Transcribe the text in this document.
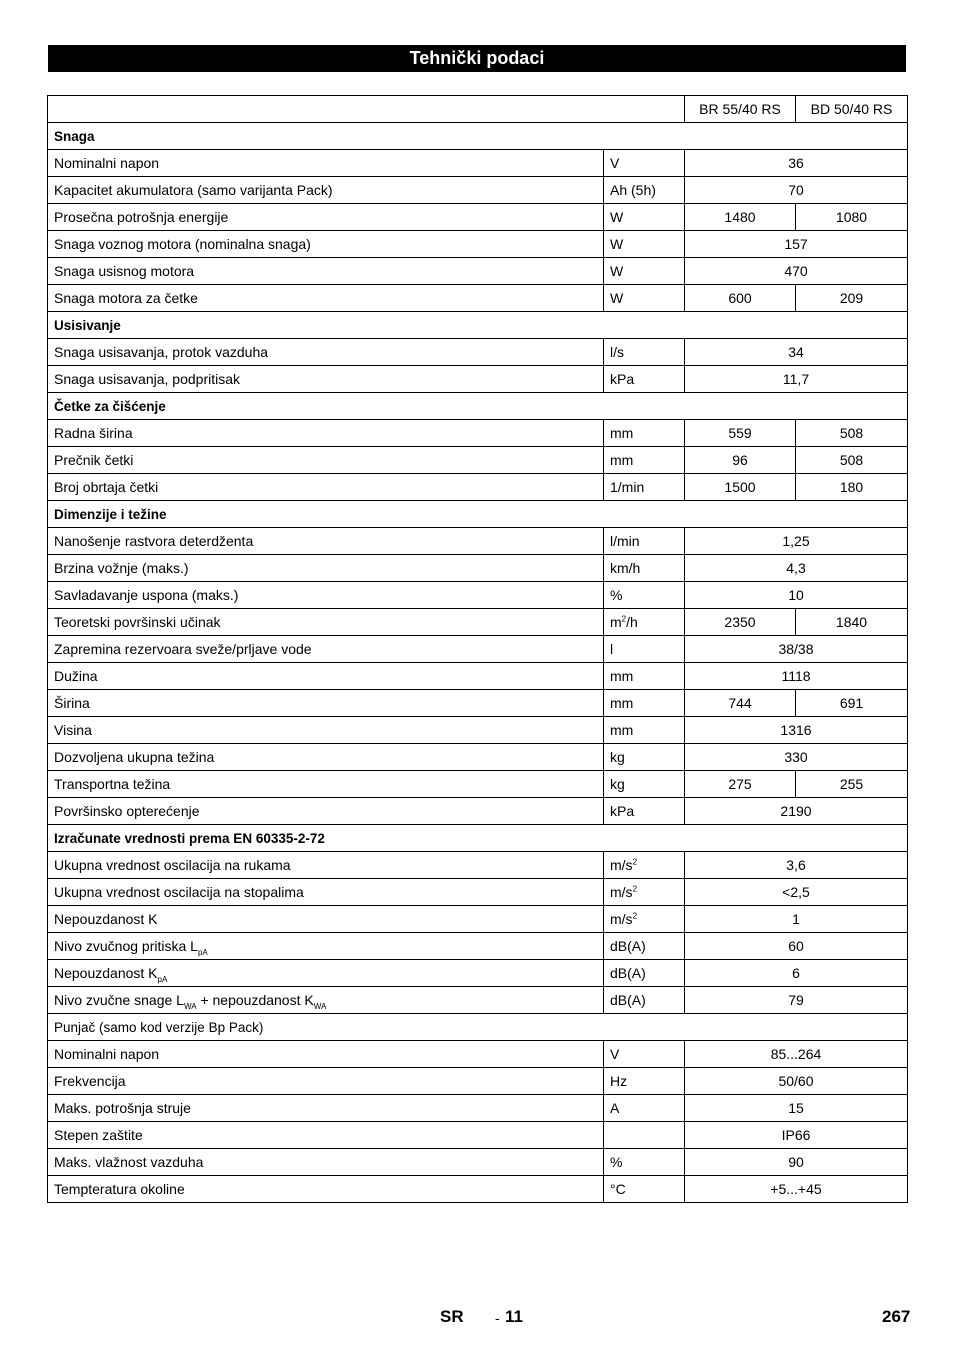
Tehnički podaci
		BR 55/40 RS	BD 50/40 RS
Snaga			
Nominalni napon	V	36	
Kapacitet akumulatora (samo varijanta Pack)	Ah (5h)	70	
Prosečna potrošnja energije	W	1480	1080
Snaga voznog motora (nominalna snaga)	W	157	
Snaga usisnog motora	W	470	
Snaga motora za četke	W	600	209
Usisivanje			
Snaga usisavanja, protok vazduha	l/s	34	
Snaga usisavanja, podpritisak	kPa	11,7	
Četke za čišćenje			
Radna širina	mm	559	508
Prečnik četki	mm	96	508
Broj obrtaja četki	1/min	1500	180
Dimenzije i težine			
Nanošenje rastvora deterdženta	l/min	1,25	
Brzina vožnje (maks.)	km/h	4,3	
Savladavanje uspona (maks.)	%	10	
Teoretski površinski učinak	$m^2/h$	2350	1840
Zapremina rezervoara sveže/prljave vode	l	38/38	
Dužina	mm	1118	
Širina	mm	744	691
Visina	mm	1316	
Dozvoljena ukupna težina	kg	330	
Transportna težina	kg	275	255
Površinsko opterećenje	kPa	2190	
Izračunate vrednosti prema EN 60335-2-72			
Ukupna vrednost oscilacija na rukama	$m/s^2$	3,6	
Ukupna vrednost oscilacija na stopalima	$m/s^2$	<2,5	
Nepouzdanost K	$m/s^2$	1	
Nivo zvučnog pritiska $L_{pA}$	dB(A)	60	
Nepouzdanost $K_{pA}$	dB(A)	6	
Nivo zvučne snage $L_{WA}$ + nepouzdanost $K_{WA}$	dB(A)	79	
Punjač (samo kod verzije Bp Pack)			
Nominalni napon	V	85...264	
Frekvencija	Hz	50/60	
Maks. potrošnja struje	A	15	
Stepen zaštite		IP66	
Maks. vlažnost vazduha	%	90	
Tempteratura okoline	°C	+5...+45	
SR - 11	267
